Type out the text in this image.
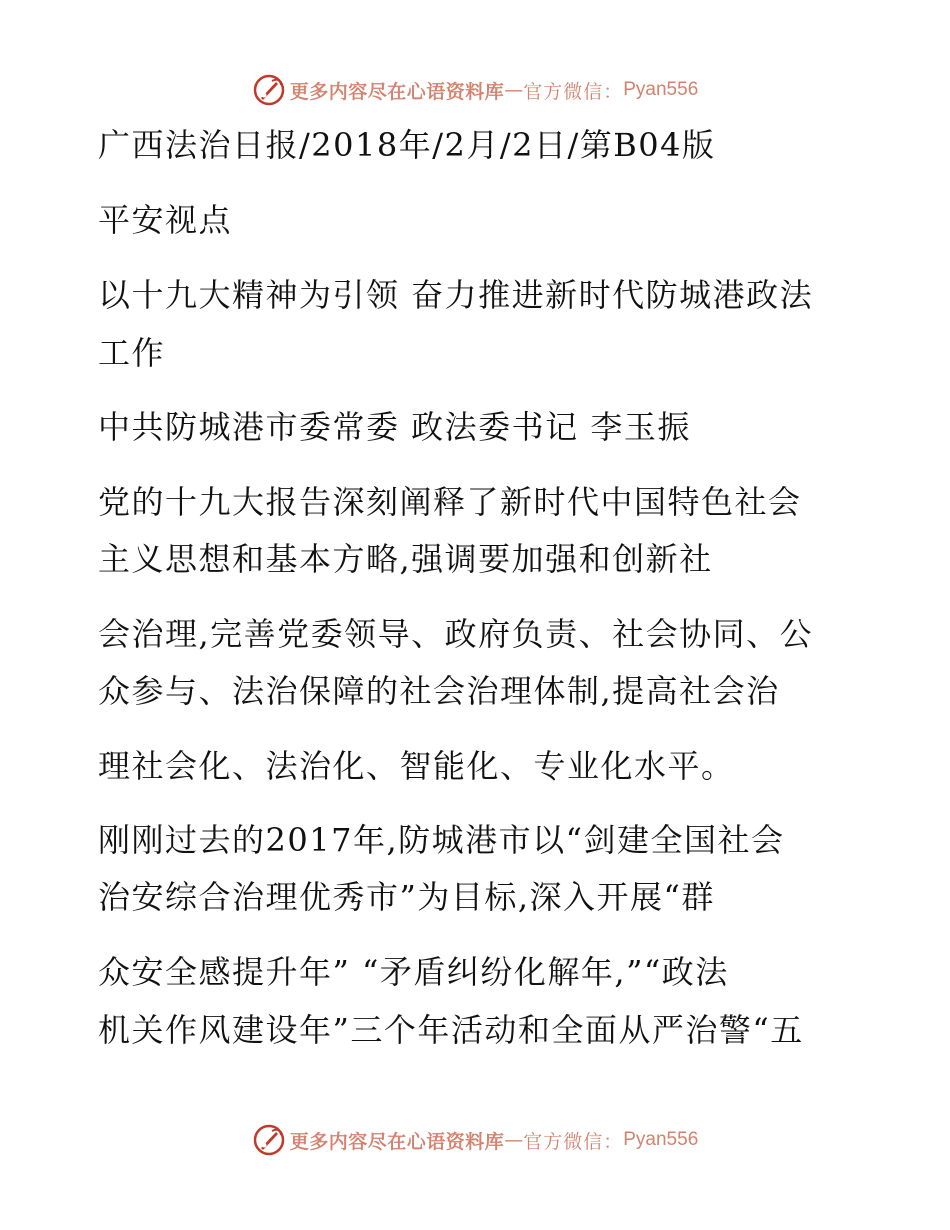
更多内容尽在心语资料库 — 官方微信： Pyan556
广西法治日报/2018年/2月/2日/第B04版
平安视点
以十九大精神为引领 奋力推进新时代防城港政法
工作
中共防城港市委常委 政法委书记 李玉振
党的十九大报告深刻阐释了新时代中国特色社会
主义思想和基本方略,强调要加强和创新社
会治理,完善党委领导、政府负责、社会协同、公
众参与、法治保障的社会治理体制,提高社会治
理社会化、法治化、智能化、专业化水平。
刚刚过去的2017年,防城港市以“剑建全国社会
治安综合治理优秀市”为目标,深入开展“群
众安全感提升年” “矛盾纠纷化解年,”“政法
机关作风建设年”三个年活动和全面从严治警“五
更多内容尽在心语资料库 — 官方微信： Pyan556
